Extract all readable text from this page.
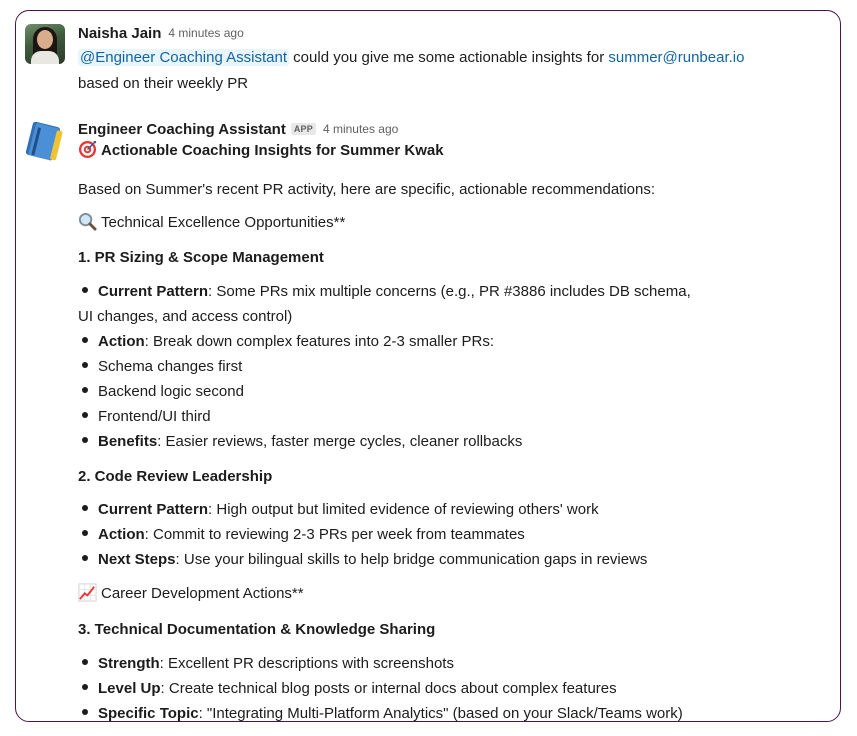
Naisha Jain 4 minutes ago
@Engineer Coaching Assistant could you give me some actionable insights for summer@runbear.io
based on their weekly PR
Engineer Coaching Assistant APP 4 minutes ago
Actionable Coaching Insights for Summer Kwak
Based on Summer's recent PR activity, here are specific, actionable recommendations:
Technical Excellence Opportunities**
1. PR Sizing & Scope Management
Current Pattern: Some PRs mix multiple concerns (e.g., PR #3886 includes DB schema,
UI changes, and access control)
Action: Break down complex features into 2-3 smaller PRs:
Schema changes first
Backend logic second
Frontend/UI third
Benefits: Easier reviews, faster merge cycles, cleaner rollbacks
2. Code Review Leadership
Current Pattern: High output but limited evidence of reviewing others' work
Action: Commit to reviewing 2-3 PRs per week from teammates
Next Steps: Use your bilingual skills to help bridge communication gaps in reviews
Career Development Actions**
3. Technical Documentation & Knowledge Sharing
Strength: Excellent PR descriptions with screenshots
Level Up: Create technical blog posts or internal docs about complex features
Specific Topic: "Integrating Multi-Platform Analytics" (based on your Slack/Teams work)
